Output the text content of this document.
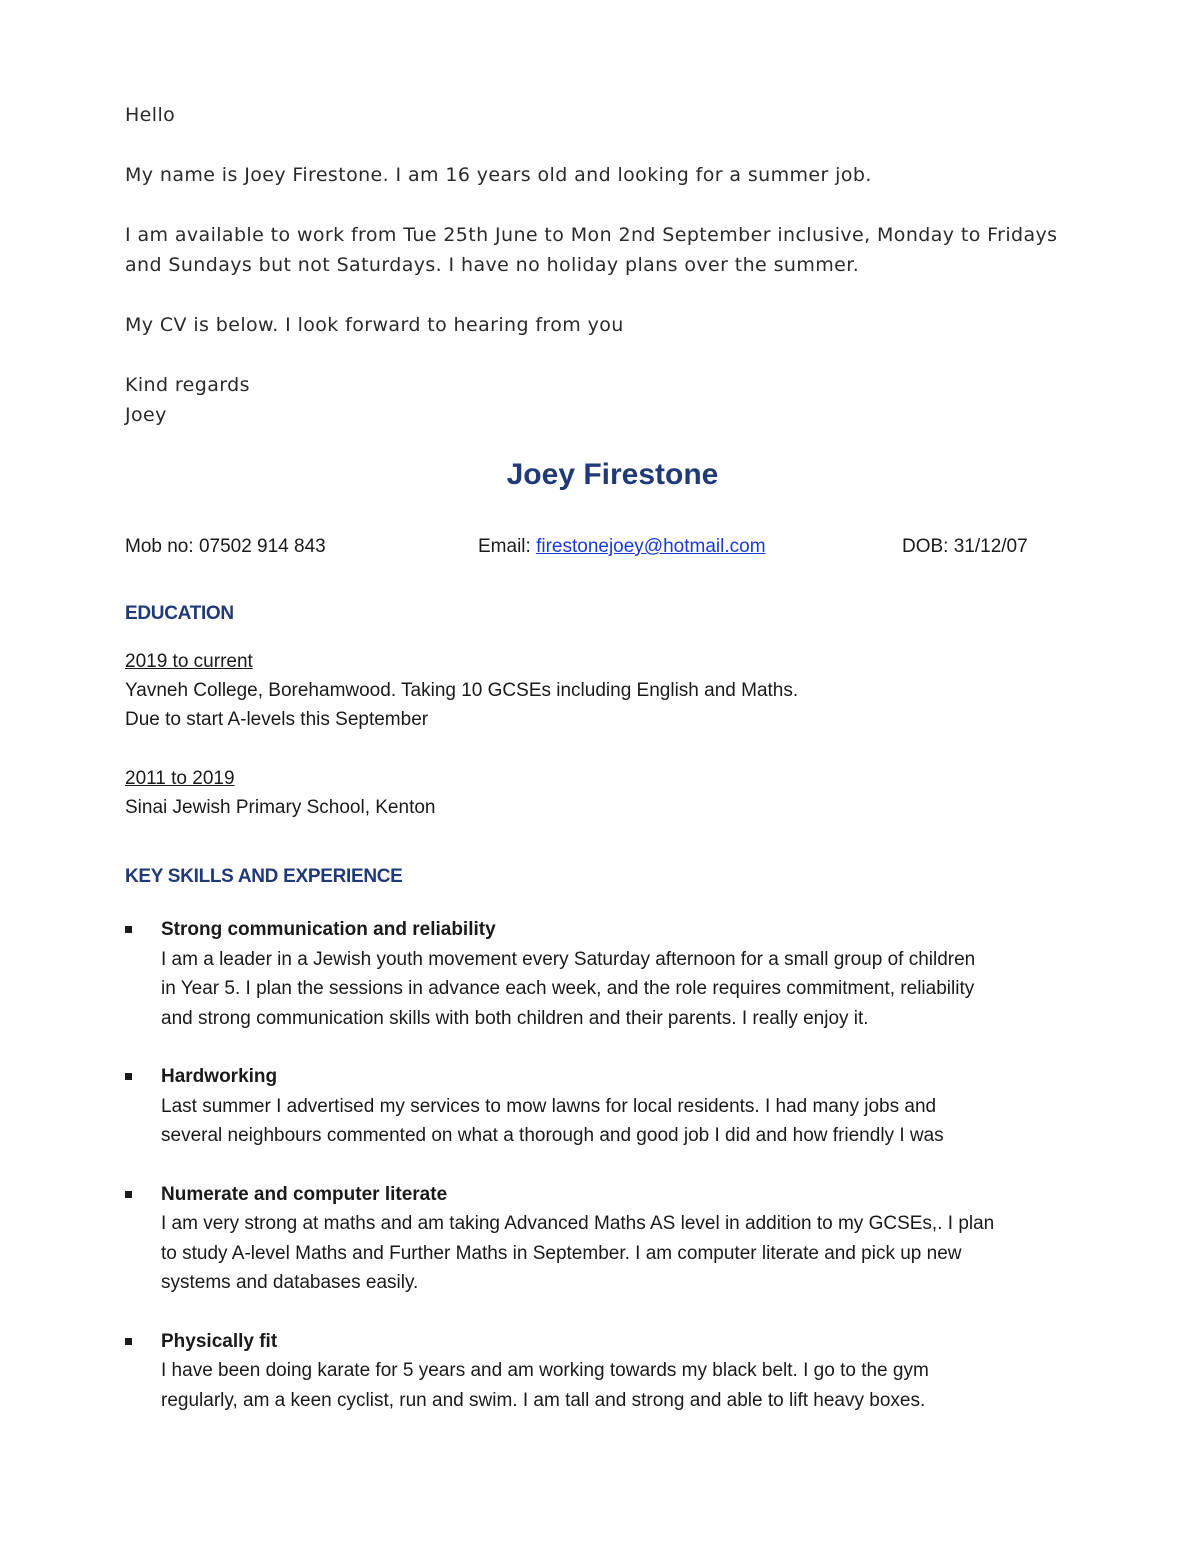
Hello

My name is Joey Firestone. I am 16 years old and looking for a summer job.

I am available to work from Tue 25th June to Mon 2nd September inclusive, Monday to Fridays

and Sundays but not Saturdays. I have no holiday plans over the summer.

My CV is below. I look forward to hearing from you

Kind regards

Joey

Joey Firestone
Mob no: 07502 914 843	Email: firestonejoey@hotmail.com	DOB: 31/12/07
EDUCATION
2019 to current
Yavneh College, Borehamwood. Taking 10 GCSEs including English and Maths.
Due to start A-levels this September
2011 to 2019
Sinai Jewish Primary School, Kenton
KEY SKILLS AND EXPERIENCE
Strong communication and reliability
I am a leader in a Jewish youth movement every Saturday afternoon for a small group of children
in Year 5. I plan the sessions in advance each week, and the role requires commitment, reliability
and strong communication skills with both children and their parents. I really enjoy it.
Hardworking
Last summer I advertised my services to mow lawns for local residents. I had many jobs and
several neighbours commented on what a thorough and good job I did and how friendly I was
Numerate and computer literate
I am very strong at maths and am taking Advanced Maths AS level in addition to my GCSEs,. I plan
to study A-level Maths and Further Maths in September. I am computer literate and pick up new
systems and databases easily.
Physically fit
I have been doing karate for 5 years and am working towards my black belt. I go to the gym
regularly, am a keen cyclist, run and swim. I am tall and strong and able to lift heavy boxes.
